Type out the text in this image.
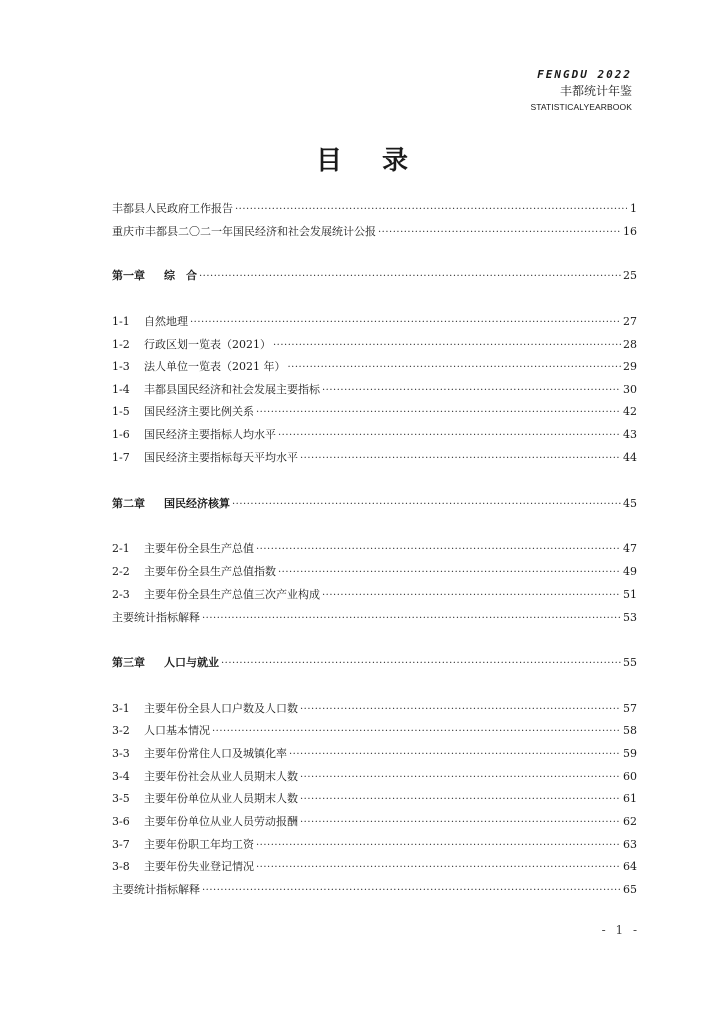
FENGDU 2022
丰都统计年鉴
STATISTICALYEARBOOK
目录
丰都县人民政府工作报告 ·····	1
重庆市丰都县二〇二一年国民经济和社会发展统计公报 ·····	16
第一章	综　合 ·····	25
1-1	自然地理 ·····	27
1-2	行政区划一览表（2021） ·····	28
1-3	法人单位一览表（2021 年） ·····	29
1-4	丰都县国民经济和社会发展主要指标 ·····	30
1-5	国民经济主要比例关系 ·····	42
1-6	国民经济主要指标人均水平 ·····	43
1-7	国民经济主要指标每天平均水平 ·····	44
第二章	国民经济核算 ·····	45
2-1	主要年份全县生产总值 ·····	47
2-2	主要年份全县生产总值指数 ·····	49
2-3	主要年份全县生产总值三次产业构成 ·····	51
主要统计指标解释 ·····	53
第三章	人口与就业 ·····	55
3-1	主要年份全县人口户数及人口数 ·····	57
3-2	人口基本情况 ·····	58
3-3	主要年份常住人口及城镇化率 ·····	59
3-4	主要年份社会从业人员期末人数 ·····	60
3-5	主要年份单位从业人员期末人数 ·····	61
3-6	主要年份单位从业人员劳动报酬 ·····	62
3-7	主要年份职工年均工资 ·····	63
3-8	主要年份失业登记情况 ·····	64
主要统计指标解释 ·····	65
- 1 -
